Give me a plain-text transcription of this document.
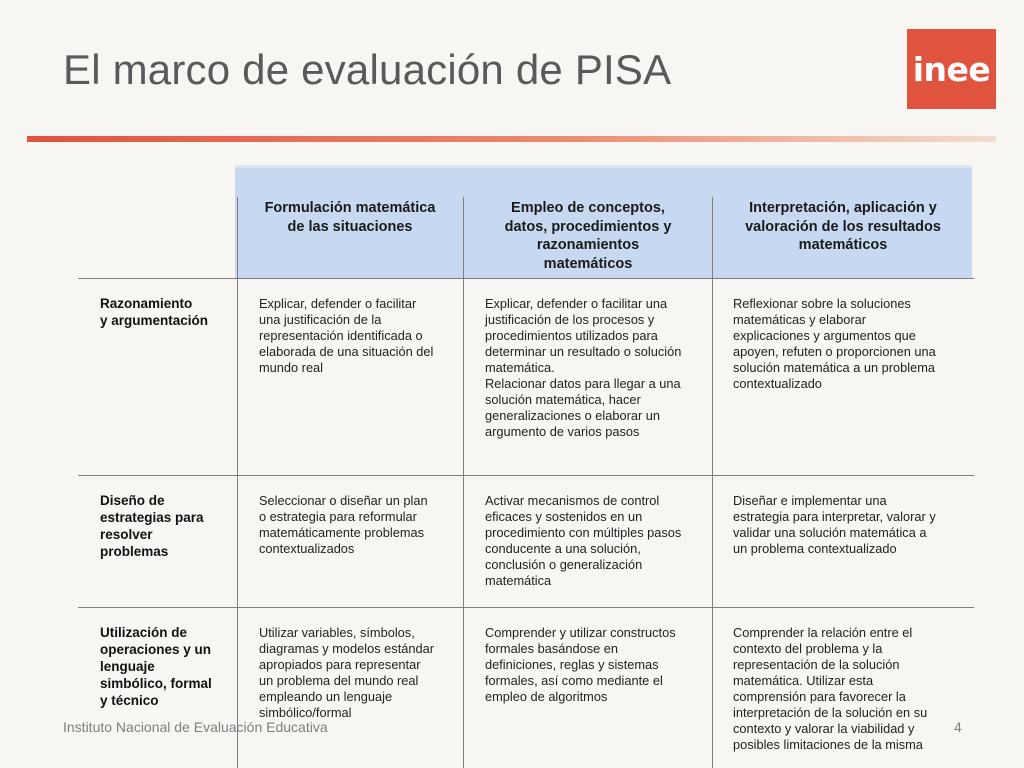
El marco de evaluación de PISA	inee
Formulación matemática
de las situaciones
Empleo de conceptos,
datos, procedimientos y
razonamientos
matemáticos
Interpretación, aplicación y
valoración de los resultados
matemáticos
Razonamiento
y argumentación
Explicar, defender o facilitar
una justificación de la
representación identificada o
elaborada de una situación del
mundo real
Explicar, defender o facilitar una
justificación de los procesos y
procedimientos utilizados para
determinar un resultado o solución
matemática.
Relacionar datos para llegar a una
solución matemática, hacer
generalizaciones o elaborar un
argumento de varios pasos
Reflexionar sobre la soluciones
matemáticas y elaborar
explicaciones y argumentos que
apoyen, refuten o proporcionen una
solución matemática a un problema
contextualizado
Diseño de
estrategias para
resolver
problemas
Seleccionar o diseñar un plan
o estrategia para reformular
matemáticamente problemas
contextualizados
Activar mecanismos de control
eficaces y sostenidos en un
procedimiento con múltiples pasos
conducente a una solución,
conclusión o generalización
matemática
Diseñar e implementar una
estrategia para interpretar, valorar y
validar una solución matemática a
un problema contextualizado
Utilización de
operaciones y un
lenguaje
simbólico, formal
y técnico
Utilizar variables, símbolos,
diagramas y modelos estándar
apropiados para representar
un problema del mundo real
empleando un lenguaje
simbólico/formal
Comprender y utilizar constructos
formales basándose en
definiciones, reglas y sistemas
formales, así como mediante el
empleo de algoritmos
Comprender la relación entre el
contexto del problema y la
representación de la solución
matemática. Utilizar esta
comprensión para favorecer la
interpretación de la solución en su
contexto y valorar la viabilidad y
posibles limitaciones de la misma
Instituto Nacional de Evaluación Educativa	4
